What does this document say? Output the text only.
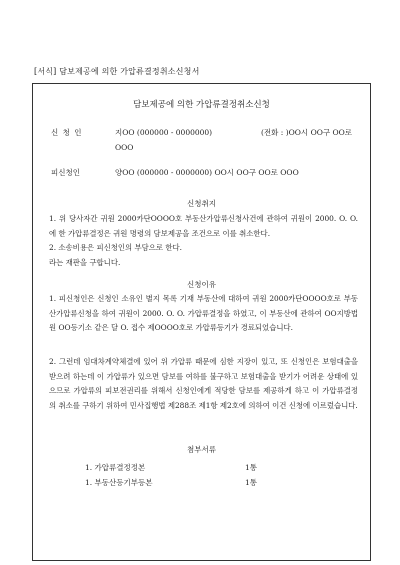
[서식] 담보제공에 의한 가압류결정취소신청서
담보제공에 의한 가압류결정취소신청
신 청 인	지OO (000000 - 0000000)	(전화 : )OO시 OO구 OO로
OOO
피신청인	양OO (000000 - 0000000) OO시 OO구 OO로 OOO
신청취지
1. 위 당사자간 귀원 2000카단OOOO호 부동산가압류신청사건에 관하여 귀원이 2000. O. O.에 한 가압류결정은 귀원 명령의 담보제공을 조건으로 이를 취소한다.
2. 소송비용은 피신청인의 부담으로 한다.
라는 재판을 구합니다.
신청이유
1. 피신청인은 신청인 소유인 별지 목록 기재 부동산에 대하여 귀원 2000카단OOOO호로 부동산가압류신청을 하여 귀원이 2000. O. O. 가압류결정을 하였고, 이 부동산에 관하여 OO지방법원 OO등기소 같은 달 O. 접수 제OOOO호로 가압류등기가 경료되었습니다.
2. 그런데 임대차계약체결에 있어 위 가압류 때문에 심한 지장이 있고, 또 신청인은 보험대출을 받으려 하는데 이 가압류가 있으면 담보를 여하를 불구하고 보험대출을 받기가 어려운 상태에 있으므로 가압류의 피보전권리를 위해서 신청인에게 적당한 담보를 제공하게 하고 이 가압류결정의 취소를 구하기 위하여 민사집행법 제288조 제1항 제2호에 의하여 이건 신청에 이르렀습니다.
첨부서류
1. 가압류결정정본	1통
1. 부동산등기부등본	1통
